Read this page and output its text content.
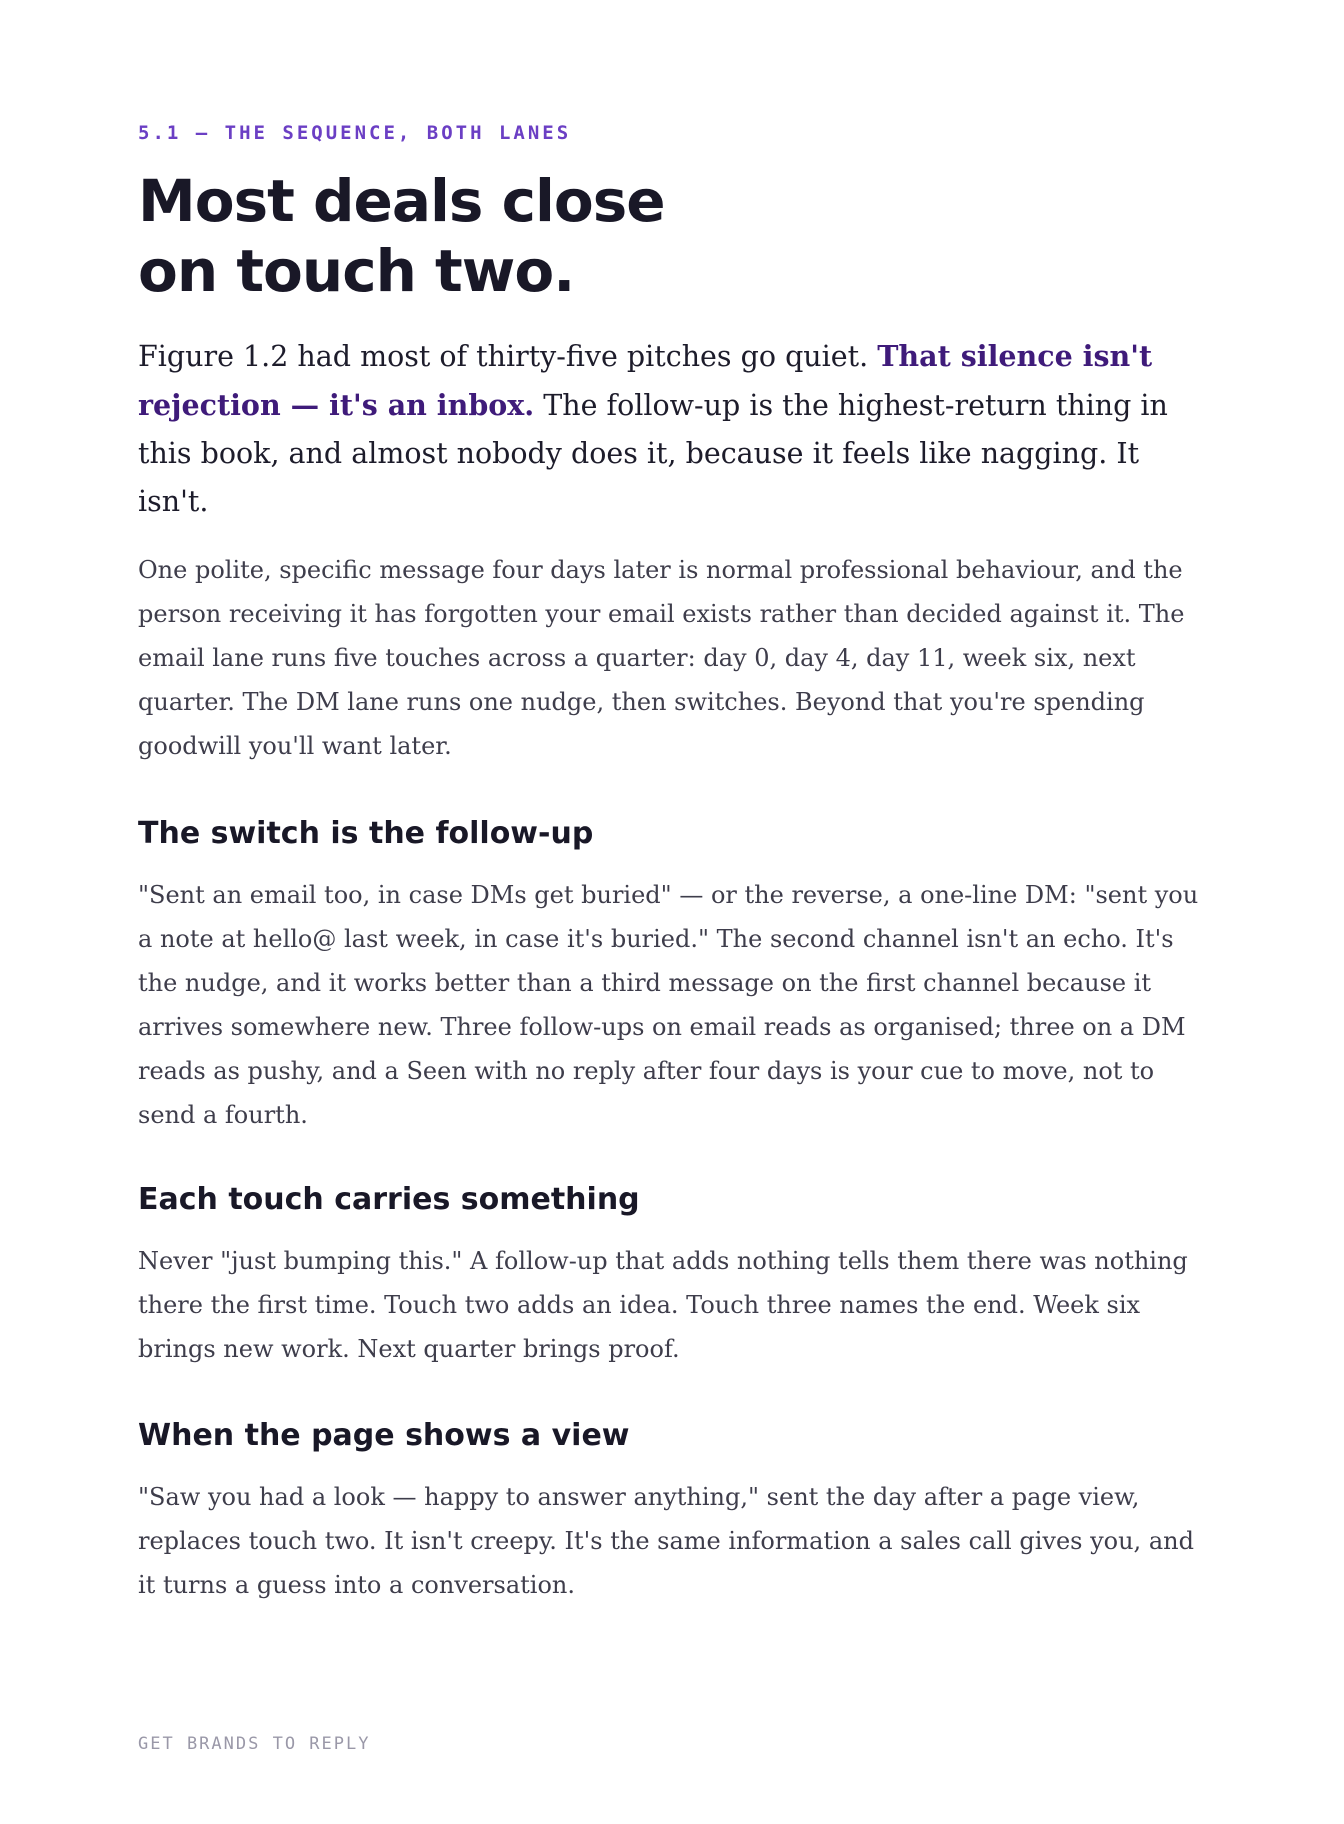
5.1 — THE SEQUENCE, BOTH LANES
Most deals close
on touch two.

Figure 1.2 had most of thirty-five pitches go quiet. That silence isn't rejection — it's an inbox. The follow-up is the highest-return thing in this book, and almost nobody does it, because it feels like nagging. It isn't.

One polite, specific message four days later is normal professional behaviour, and the person receiving it has forgotten your email exists rather than decided against it. The email lane runs five touches across a quarter: day 0, day 4, day 11, week six, next quarter. The DM lane runs one nudge, then switches. Beyond that you're spending goodwill you'll want later.

The switch is the follow-up

"Sent an email too, in case DMs get buried" — or the reverse, a one-line DM: "sent you a note at hello@ last week, in case it's buried." The second channel isn't an echo. It's the nudge, and it works better than a third message on the first channel because it arrives somewhere new. Three follow-ups on email reads as organised; three on a DM reads as pushy, and a Seen with no reply after four days is your cue to move, not to send a fourth.

Each touch carries something

Never "just bumping this." A follow-up that adds nothing tells them there was nothing there the first time. Touch two adds an idea. Touch three names the end. Week six brings new work. Next quarter brings proof.

When the page shows a view

"Saw you had a look — happy to answer anything," sent the day after a page view, replaces touch two. It isn't creepy. It's the same information a sales call gives you, and it turns a guess into a conversation.

GET BRANDS TO REPLY
